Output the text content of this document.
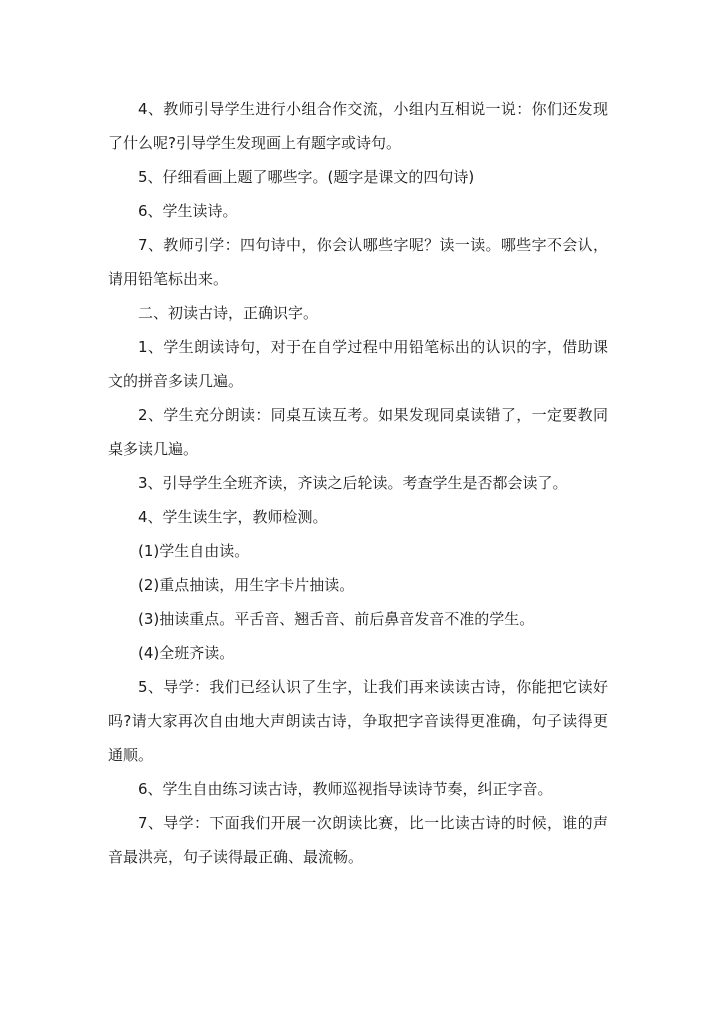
4、教师引导学生进行小组合作交流，小组内互相说一说：你们还发现了什么呢?引导学生发现画上有题字或诗句。

5、仔细看画上题了哪些字。(题字是课文的四句诗)

6、学生读诗。

7、教师引学：四句诗中，你会认哪些字呢？读一读。哪些字不会认，请用铅笔标出来。

二、初读古诗，正确识字。

1、学生朗读诗句，对于在自学过程中用铅笔标出的认识的字，借助课文的拼音多读几遍。

2、学生充分朗读：同桌互读互考。如果发现同桌读错了，一定要教同桌多读几遍。

3、引导学生全班齐读，齐读之后轮读。考查学生是否都会读了。

4、学生读生字，教师检测。

(1)学生自由读。

(2)重点抽读，用生字卡片抽读。

(3)抽读重点。平舌音、翘舌音、前后鼻音发音不准的学生。

(4)全班齐读。

5、导学：我们已经认识了生字，让我们再来读读古诗，你能把它读好吗?请大家再次自由地大声朗读古诗，争取把字音读得更准确，句子读得更通顺。

6、学生自由练习读古诗，教师巡视指导读诗节奏，纠正字音。

7、导学：下面我们开展一次朗读比赛，比一比读古诗的时候，谁的声音最洪亮，句子读得最正确、最流畅。
